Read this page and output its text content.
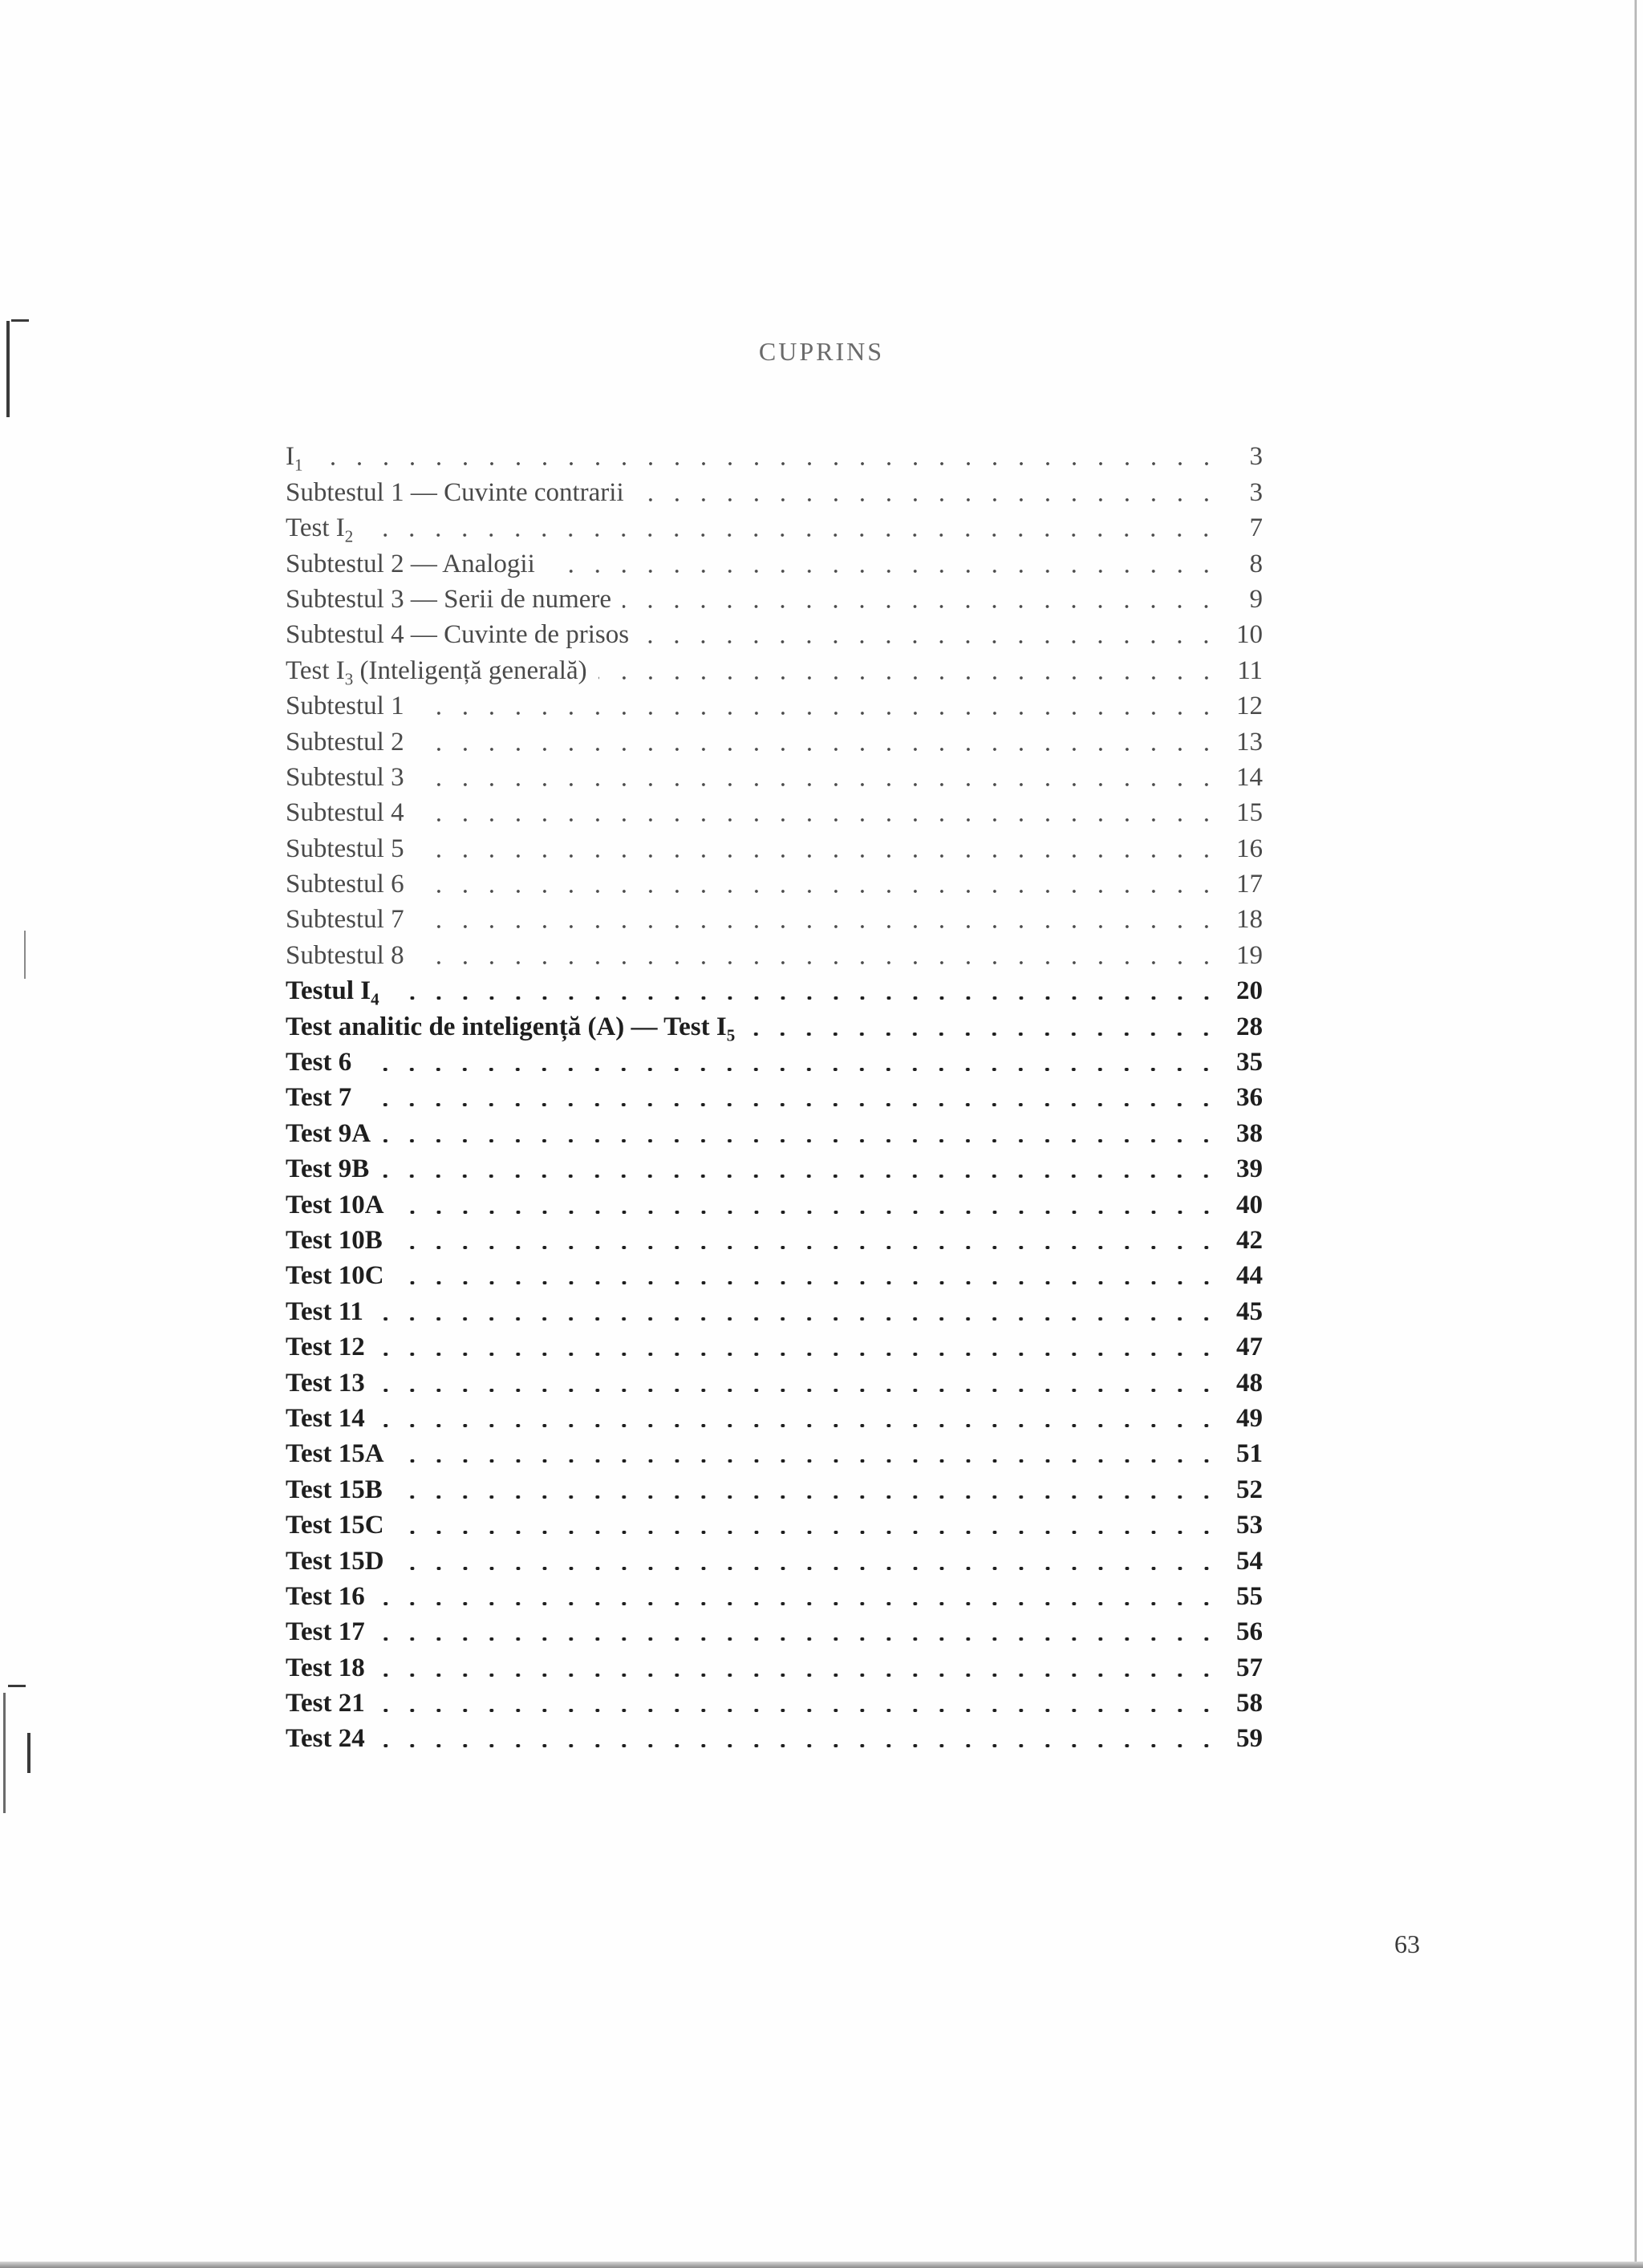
CUPRINS
$I_1$	3
Subtestul 1 — Cuvinte contrarii	3
Test $I_2$	7
Subtestul 2 — Analogii	8
Subtestul 3 — Serii de numere	9
Subtestul 4 — Cuvinte de prisos	10
Test $I_3$ (Inteligență generală)	11
Subtestul 1	12
Subtestul 2	13
Subtestul 3	14
Subtestul 4	15
Subtestul 5	16
Subtestul 6	17
Subtestul 7	18
Subtestul 8	19
Testul $I_4$	20
Test analitic de inteligență (A) — Test $I_5$	28
Test 6	35
Test 7	36
Test 9A	38
Test 9B	39
Test 10A	40
Test 10B	42
Test 10C	44
Test 11	45
Test 12	47
Test 13	48
Test 14	49
Test 15A	51
Test 15B	52
Test 15C	53
Test 15D	54
Test 16	55
Test 17	56
Test 18	57
Test 21	58
Test 24	59
63
